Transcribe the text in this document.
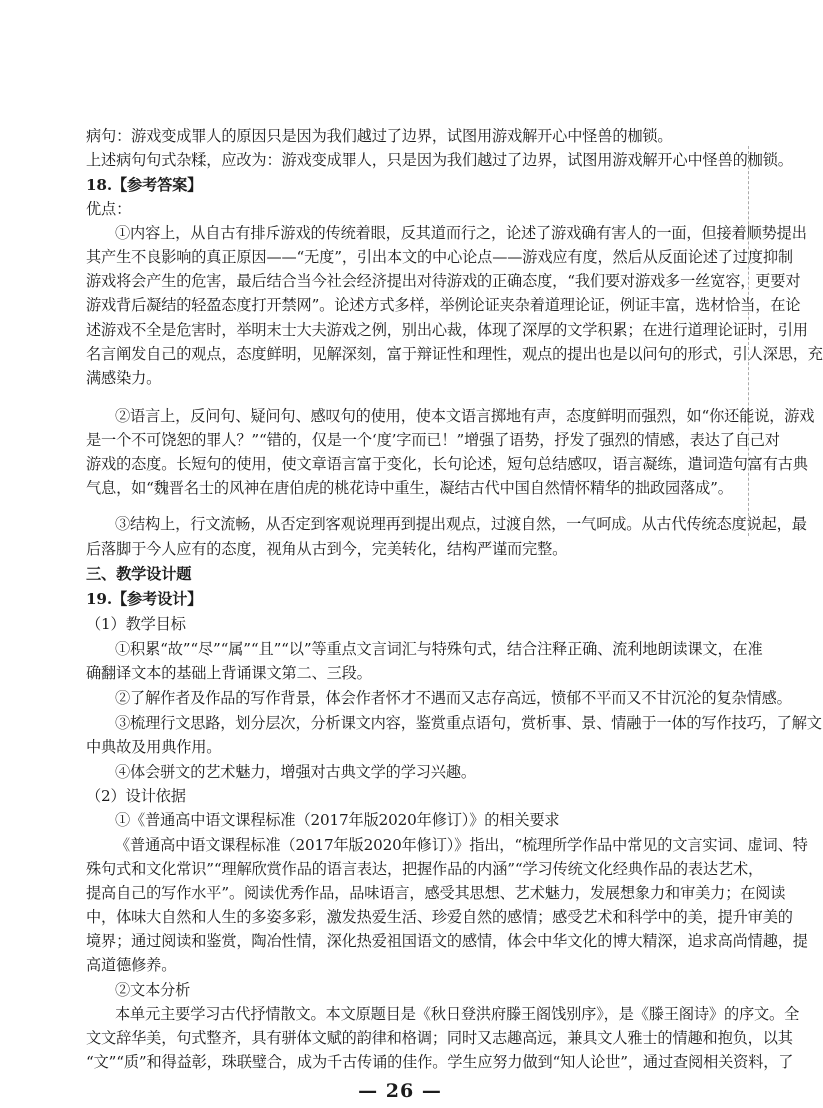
病句：游戏变成罪人的原因只是因为我们越过了边界，试图用游戏解开心中怪兽的枷锁。
上述病句句式杂糅，应改为：游戏变成罪人，只是因为我们越过了边界，试图用游戏解开心中怪兽的枷锁。
18.【参考答案】
优点：
①内容上，从自古有排斥游戏的传统着眼，反其道而行之，论述了游戏确有害人的一面，但接着顺势提出
其产生不良影响的真正原因——“无度”，引出本文的中心论点——游戏应有度，然后从反面论述了过度抑制
游戏将会产生的危害，最后结合当今社会经济提出对待游戏的正确态度，“我们要对游戏多一丝宽容，更要对
游戏背后凝结的轻盈态度打开禁网”。论述方式多样，举例论证夹杂着道理论证，例证丰富，选材恰当，在论
述游戏不全是危害时，举明末士大夫游戏之例，别出心裁，体现了深厚的文学积累；在进行道理论证时，引用
名言阐发自己的观点，态度鲜明，见解深刻，富于辩证性和理性，观点的提出也是以问句的形式，引人深思，充
满感染力。
②语言上，反问句、疑问句、感叹句的使用，使本文语言掷地有声，态度鲜明而强烈，如“你还能说，游戏
是一个不可饶恕的罪人？”“错的，仅是一个‘度’字而已！”增强了语势，抒发了强烈的情感，表达了自己对
游戏的态度。长短句的使用，使文章语言富于变化，长句论述，短句总结感叹，语言凝练，遣词造句富有古典
气息，如“魏晋名士的风神在唐伯虎的桃花诗中重生，凝结古代中国自然情怀精华的拙政园落成”。
③结构上，行文流畅，从否定到客观说理再到提出观点，过渡自然，一气呵成。从古代传统态度说起，最
后落脚于今人应有的态度，视角从古到今，完美转化，结构严谨而完整。
三、教学设计题
19.【参考设计】
（1）教学目标
①积累“故”“尽”“属”“且”“以”等重点文言词汇与特殊句式，结合注释正确、流利地朗读课文，在准
确翻译文本的基础上背诵课文第二、三段。
②了解作者及作品的写作背景，体会作者怀才不遇而又志存高远，愤郁不平而又不甘沉沦的复杂情感。
③梳理行文思路，划分层次，分析课文内容，鉴赏重点语句，赏析事、景、情融于一体的写作技巧，了解文
中典故及用典作用。
④体会骈文的艺术魅力，增强对古典文学的学习兴趣。
（2）设计依据
①《普通高中语文课程标准（2017年版2020年修订）》的相关要求
《普通高中语文课程标准（2017年版2020年修订）》指出，“梳理所学作品中常见的文言实词、虚词、特
殊句式和文化常识”“理解欣赏作品的语言表达，把握作品的内涵”“学习传统文化经典作品的表达艺术，
提高自己的写作水平”。阅读优秀作品，品味语言，感受其思想、艺术魅力，发展想象力和审美力；在阅读
中，体味大自然和人生的多姿多彩，激发热爱生活、珍爱自然的感情；感受艺术和科学中的美，提升审美的
境界；通过阅读和鉴赏，陶冶性情，深化热爱祖国语文的感情，体会中华文化的博大精深，追求高尚情趣，提
高道德修养。
②文本分析
本单元主要学习古代抒情散文。本文原题目是《秋日登洪府滕王阁饯别序》，是《滕王阁诗》的序文。全
文文辞华美，句式整齐，具有骈体文赋的韵律和格调；同时又志趣高远，兼具文人雅士的情趣和抱负，以其
“文”“质”和得益彰，珠联璧合，成为千古传诵的佳作。学生应努力做到“知人论世”，通过查阅相关资料，了
— 26 —
